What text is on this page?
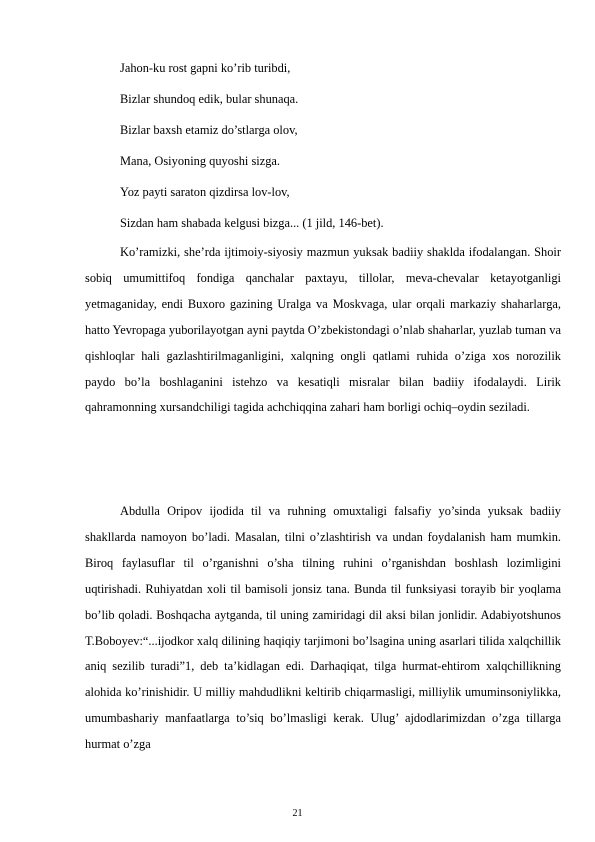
Jahon-ku rost gapni ko’rib turibdi,
Bizlar shundoq edik, bular shunaqa.
Bizlar baxsh etamiz do’stlarga olov,
Mana, Osiyoning quyoshi sizga.
Yoz payti saraton qizdirsa lov-lov,
Sizdan ham shabada kelgusi bizga... (1 jild, 146-bet).

Ko’ramizki, she’rda ijtimoiy-siyosiy mazmun yuksak badiiy shaklda ifodalangan. Shoir sobiq umumittifoq fondiga qanchalar paxtayu, tillolar, meva-chevalar ketayotganligi yetmaganiday, endi Buxoro gazining Uralga va Moskvaga, ular orqali markaziy shaharlarga, hatto Yevropaga yuborilayotgan ayni paytda O’zbekistondagi o’nlab shaharlar, yuzlab tuman va qishloqlar hali gazlashtirilmaganligini, xalqning ongli qatlami ruhida o’ziga xos norozilik paydo bo’la boshlaganini istehzo va kesatiqli misralar bilan badiiy ifodalaydi. Lirik qahramonning xursandchiligi tagida achchiqqina zahari ham borligi ochiq–oydin seziladi.

Abdulla Oripov ijodida til va ruhning omuxtaligi falsafiy yo’sinda yuksak badiiy shakllarda namoyon bo’ladi. Masalan, tilni o’zlashtirish va undan foydalanish ham mumkin. Biroq faylasuflar til o’rganishni o’sha tilning ruhini o’rganishdan boshlash lozimligini uqtirishadi. Ruhiyatdan xoli til bamisoli jonsiz tana. Bunda til funksiyasi torayib bir yoqlama bo’lib qoladi. Boshqacha aytganda, til uning zamiridagi dil aksi bilan jonlidir. Adabiyotshunos T.Boboyev:“...ijodkor xalq dilining haqiqiy tarjimoni bo’lsagina uning asarlari tilida xalqchillik aniq sezilib turadi”1, deb ta’kidlagan edi. Darhaqiqat, tilga hurmat-ehtirom xalqchillikning alohida ko’rinishidir. U milliy mahdudlikni keltirib chiqarmasligi, milliylik umuminsoniylikka, umumbashariy manfaatlarga to’siq bo’lmasligi kerak. Ulug’ ajdodlarimizdan o’zga tillarga hurmat o’zga

21
